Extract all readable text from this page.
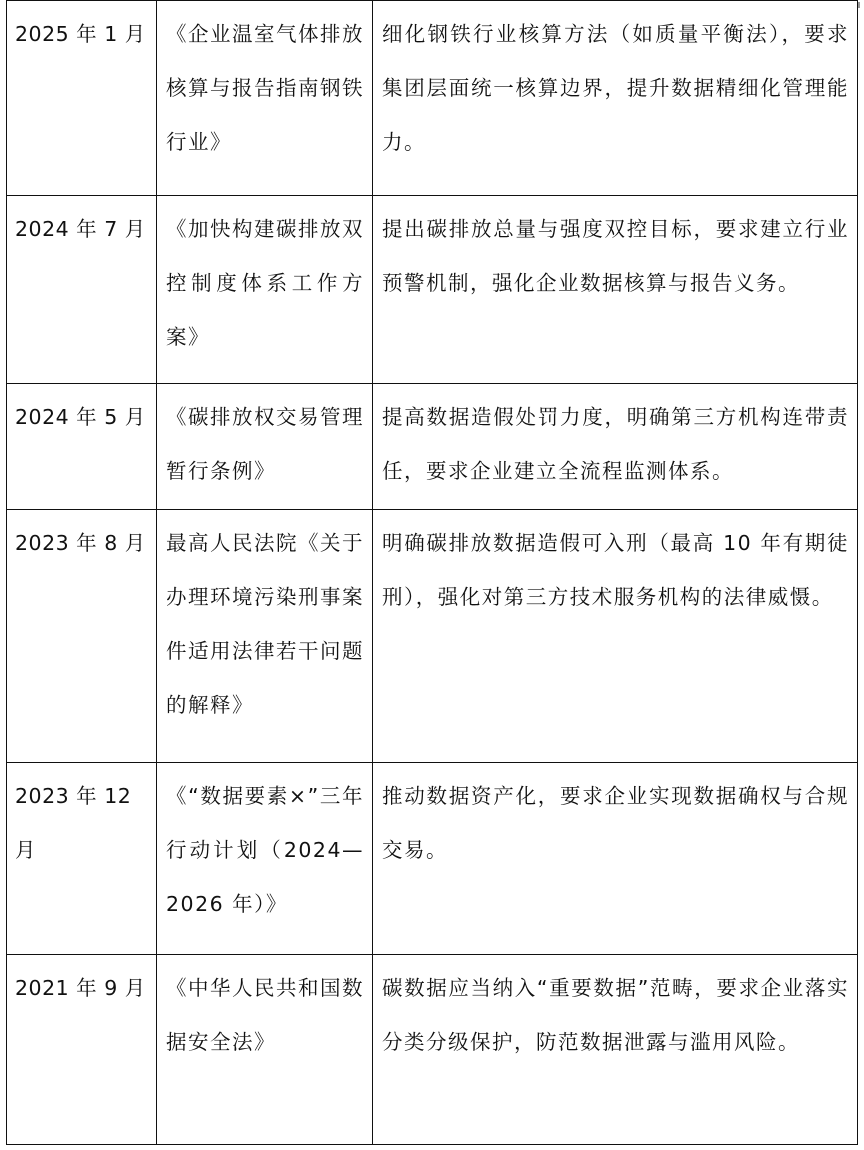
2025 年 1 月	《企业温室气体排放核算与报告指南钢铁行业》	细化钢铁行业核算方法（如质量平衡法），要求集团层面统一核算边界，提升数据精细化管理能力。
2024 年 7 月	《加快构建碳排放双控制度体系工作方案》	提出碳排放总量与强度双控目标，要求建立行业预警机制，强化企业数据核算与报告义务。
2024 年 5 月	《碳排放权交易管理暂行条例》	提高数据造假处罚力度，明确第三方机构连带责任，要求企业建立全流程监测体系。
2023 年 8 月	最高人民法院《关于办理环境污染刑事案件适用法律若干问题的解释》	明确碳排放数据造假可入刑（最高 10 年有期徒刑），强化对第三方技术服务机构的法律威慑。
2023 年 12 月	《“数据要素×”三年行动计划（2024—2026 年）》	推动数据资产化，要求企业实现数据确权与合规交易。
2021 年 9 月	《中华人民共和国数据安全法》	碳数据应当纳入“重要数据”范畴，要求企业落实分类分级保护，防范数据泄露与滥用风险。
